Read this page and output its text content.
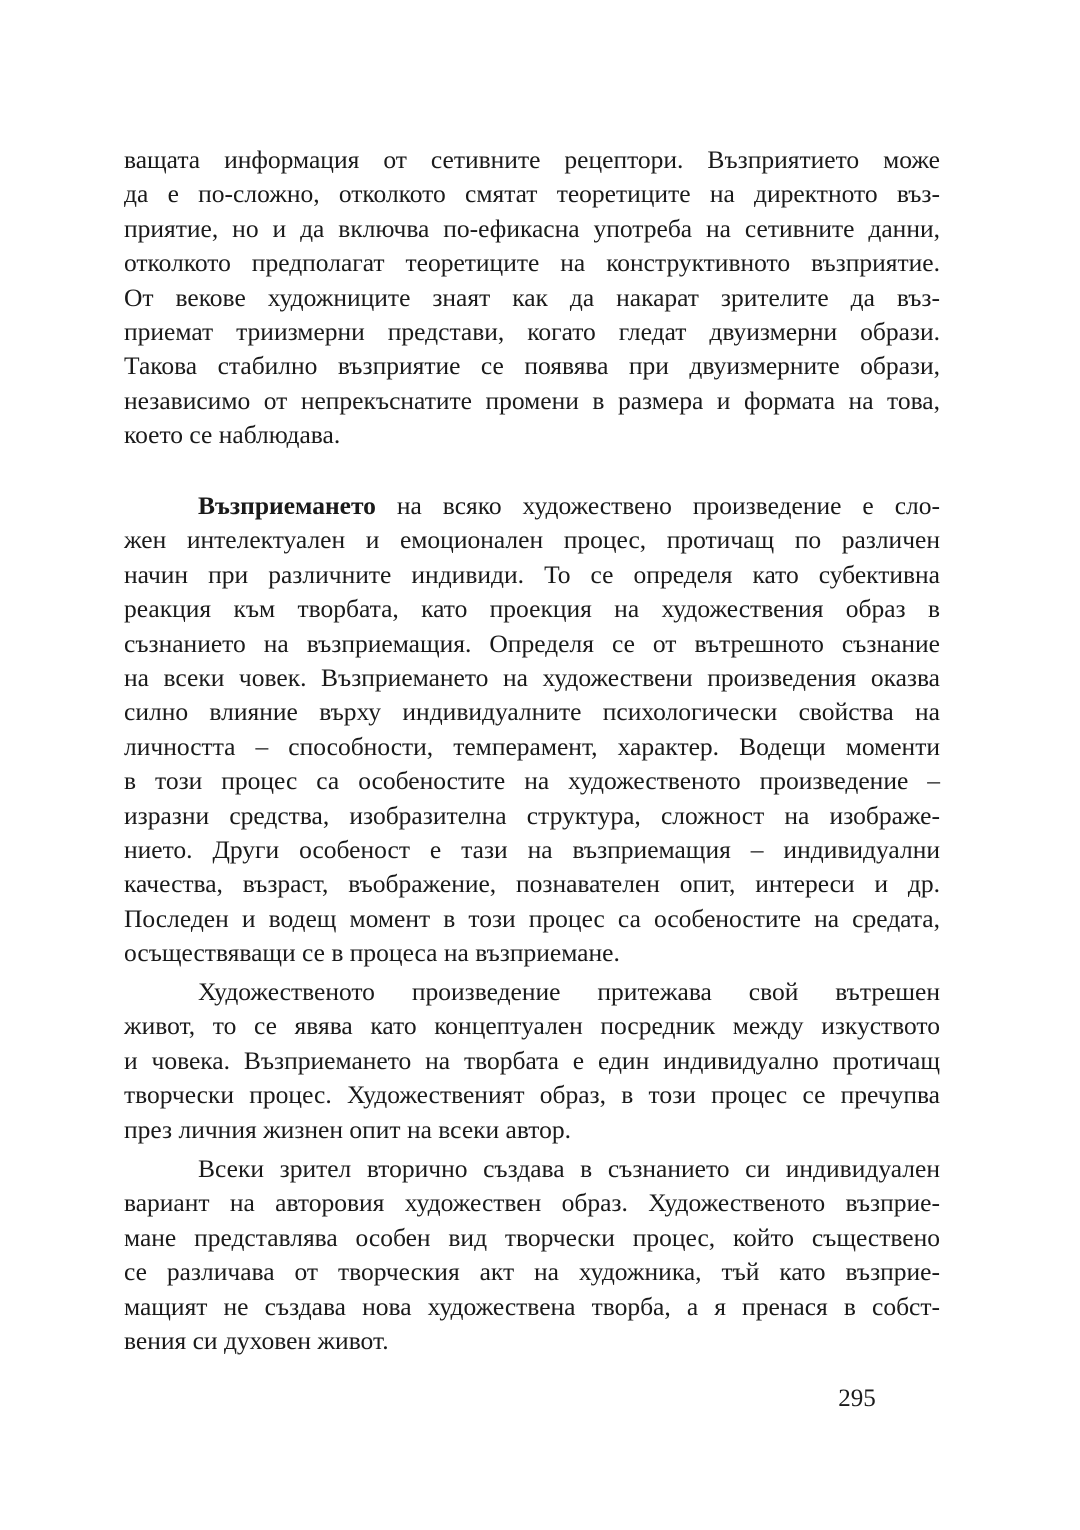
ващата информация от сетивните рецептори. Възприятието може
да е по-сложно, отколкото смятат теоретиците на директното въз-
приятие, но и да включва по-ефикасна употреба на сетивните данни,
отколкото предполагат теоретиците на конструктивното възприятие.
От векове художниците знаят как да накарат зрителите да въз-
приемат триизмерни представи, когато гледат двуизмерни образи.
Такова стабилно възприятие се появява при двуизмерните образи,
независимо от непрекъснатите промени в размера и формата на това,
което се наблюдава.
Възприемането на всяко художествено произведение е сло-
жен интелектуален и емоционален процес, протичащ по различен
начин при различните индивиди. То се определя като субективна
реакция към творбата, като проекция на художествения образ в
съзнанието на възприемащия. Определя се от вътрешното съзнание
на всеки човек. Възприемането на художествени произведения оказва
силно влияние върху индивидуалните психологически свойства на
личността – способности, темперамент, характер. Водещи моменти
в този процес са особеностите на художественото произведение –
изразни средства, изобразителна структура, сложност на изображе-
нието. Други особеност е тази на възприемащия – индивидуални
качества, възраст, въображение, познавателен опит, интереси и др.
Последен и водещ момент в този процес са особеностите на средата,
осъществяващи се в процеса на възприемане.
Художественото произведение притежава свой вътрешен
живот, то се явява като концептуален посредник между изкуството
и човека. Възприемането на творбата е един индивидуално протичащ
творчески процес. Художественият образ, в този процес се пречупва
през личния жизнен опит на всеки автор.
Всеки зрител вторично създава в съзнанието си индивидуален
вариант на авторовия художествен образ. Художественото възприе-
мане представлява особен вид творчески процес, който съществено
се различава от творческия акт на художника, тъй като възприе-
мащият не създава нова художествена творба, а я пренася в собст-
вения си духовен живот.
295
